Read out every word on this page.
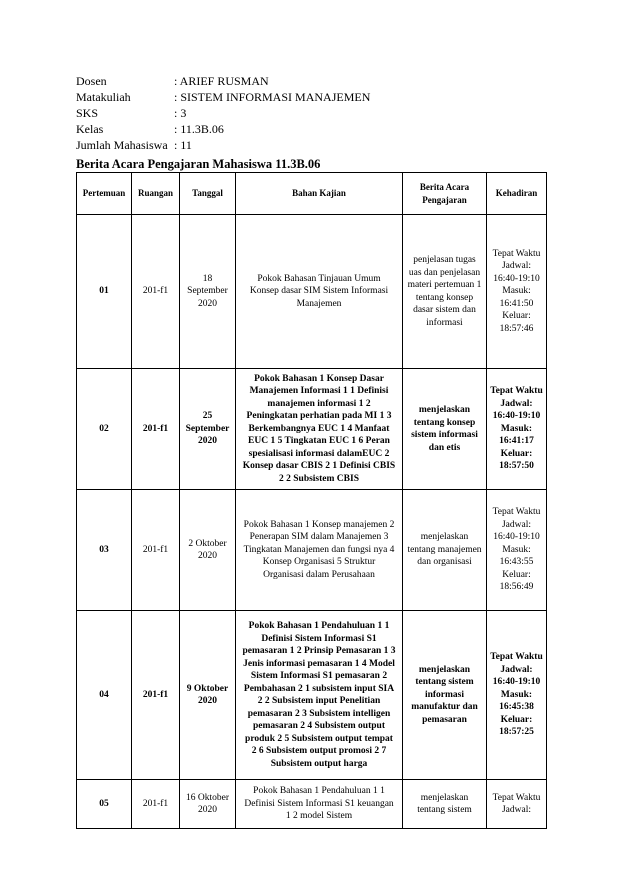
Dosen	: ARIEF RUSMAN
Matakuliah	: SISTEM INFORMASI MANAJEMEN
SKS	: 3
Kelas	: 11.3B.06
Jumlah Mahasiswa : 11
Berita Acara Pengajaran Mahasiswa 11.3B.06
Pertemuan	Ruangan	Tanggal	Bahan Kajian	Berita Acara Pengajaran	Kehadiran
01	201-f1	18 September 2020	Pokok Bahasan Tinjauan Umum Konsep dasar SIM Sistem Informasi Manajemen	penjelasan tugas uas dan penjelasan materi pertemuan 1 tentang konsep dasar sistem dan informasi	Tepat Waktu Jadwal: 16:40-19:10 Masuk: 16:41:50 Keluar: 18:57:46
02	201-f1	25 September 2020	Pokok Bahasan 1 Konsep Dasar Manajemen Informasi 1 1 Definisi manajemen informasi 1 2 Peningkatan perhatian pada MI 1 3 Berkembangnya EUC 1 4 Manfaat EUC 1 5 Tingkatan EUC 1 6 Peran spesialisasi informasi dalamEUC 2 Konsep dasar CBIS 2 1 Definisi CBIS 2 2 Subsistem CBIS	menjelaskan tentang konsep sistem informasi dan etis	Tepat Waktu Jadwal: 16:40-19:10 Masuk: 16:41:17 Keluar: 18:57:50
03	201-f1	2 Oktober 2020	Pokok Bahasan 1 Konsep manajemen 2 Penerapan SIM dalam Manajemen 3 Tingkatan Manajemen dan fungsi nya 4 Konsep Organisasi 5 Struktur Organisasi dalam Perusahaan	menjelaskan tentang manajemen dan organisasi	Tepat Waktu Jadwal: 16:40-19:10 Masuk: 16:43:55 Keluar: 18:56:49
04	201-f1	9 Oktober 2020	Pokok Bahasan 1 Pendahuluan 1 1 Definisi Sistem Informasi S1 pemasaran 1 2 Prinsip Pemasaran 1 3 Jenis informasi pemasaran 1 4 Model Sistem Informasi S1 pemasaran 2 Pembahasan 2 1 subsistem input SIA 2 2 Subsistem input Penelitian pemasaran 2 3 Subsistem intelligen pemasaran 2 4 Subsistem output produk 2 5 Subsistem output tempat 2 6 Subsistem output promosi 2 7 Subsistem output harga	menjelaskan tentang sistem informasi manufaktur dan pemasaran	Tepat Waktu Jadwal: 16:40-19:10 Masuk: 16:45:38 Keluar: 18:57:25
05	201-f1	16 Oktober 2020	Pokok Bahasan 1 Pendahuluan 1 1 Definisi Sistem Informasi S1 keuangan 1 2 model Sistem	menjelaskan tentang sistem	Tepat Waktu Jadwal:
